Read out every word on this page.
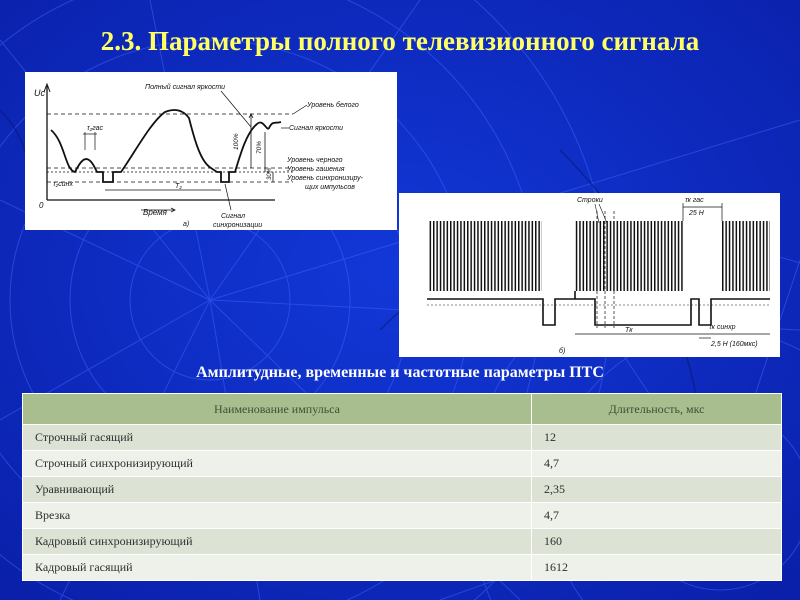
2.3. Параметры полного телевизионного сигнала
Uc
0
Время
τ₂гас
τ₂синх	T₂
100% 70%
30%
Полный сигнал яркости
Уровень белого
Сигнал яркости
Уровень черного
Уровень гашения
Уровень синхронизиру-
щих импульсов
Сигнал
синхронизации
а)
Строки	τк гас
25 H
Tк	τк синхр
2,5 H (160мкс)
б)

Амплитудные, временные и частотные параметры ПТС

Наименование импульса	Длительность, мкс
Строчный гасящий	12
Строчный синхронизирующий	4,7
Уравнивающий	2,35
Врезка	4,7
Кадровый синхронизирующий	160
Кадровый гасящий	1612
